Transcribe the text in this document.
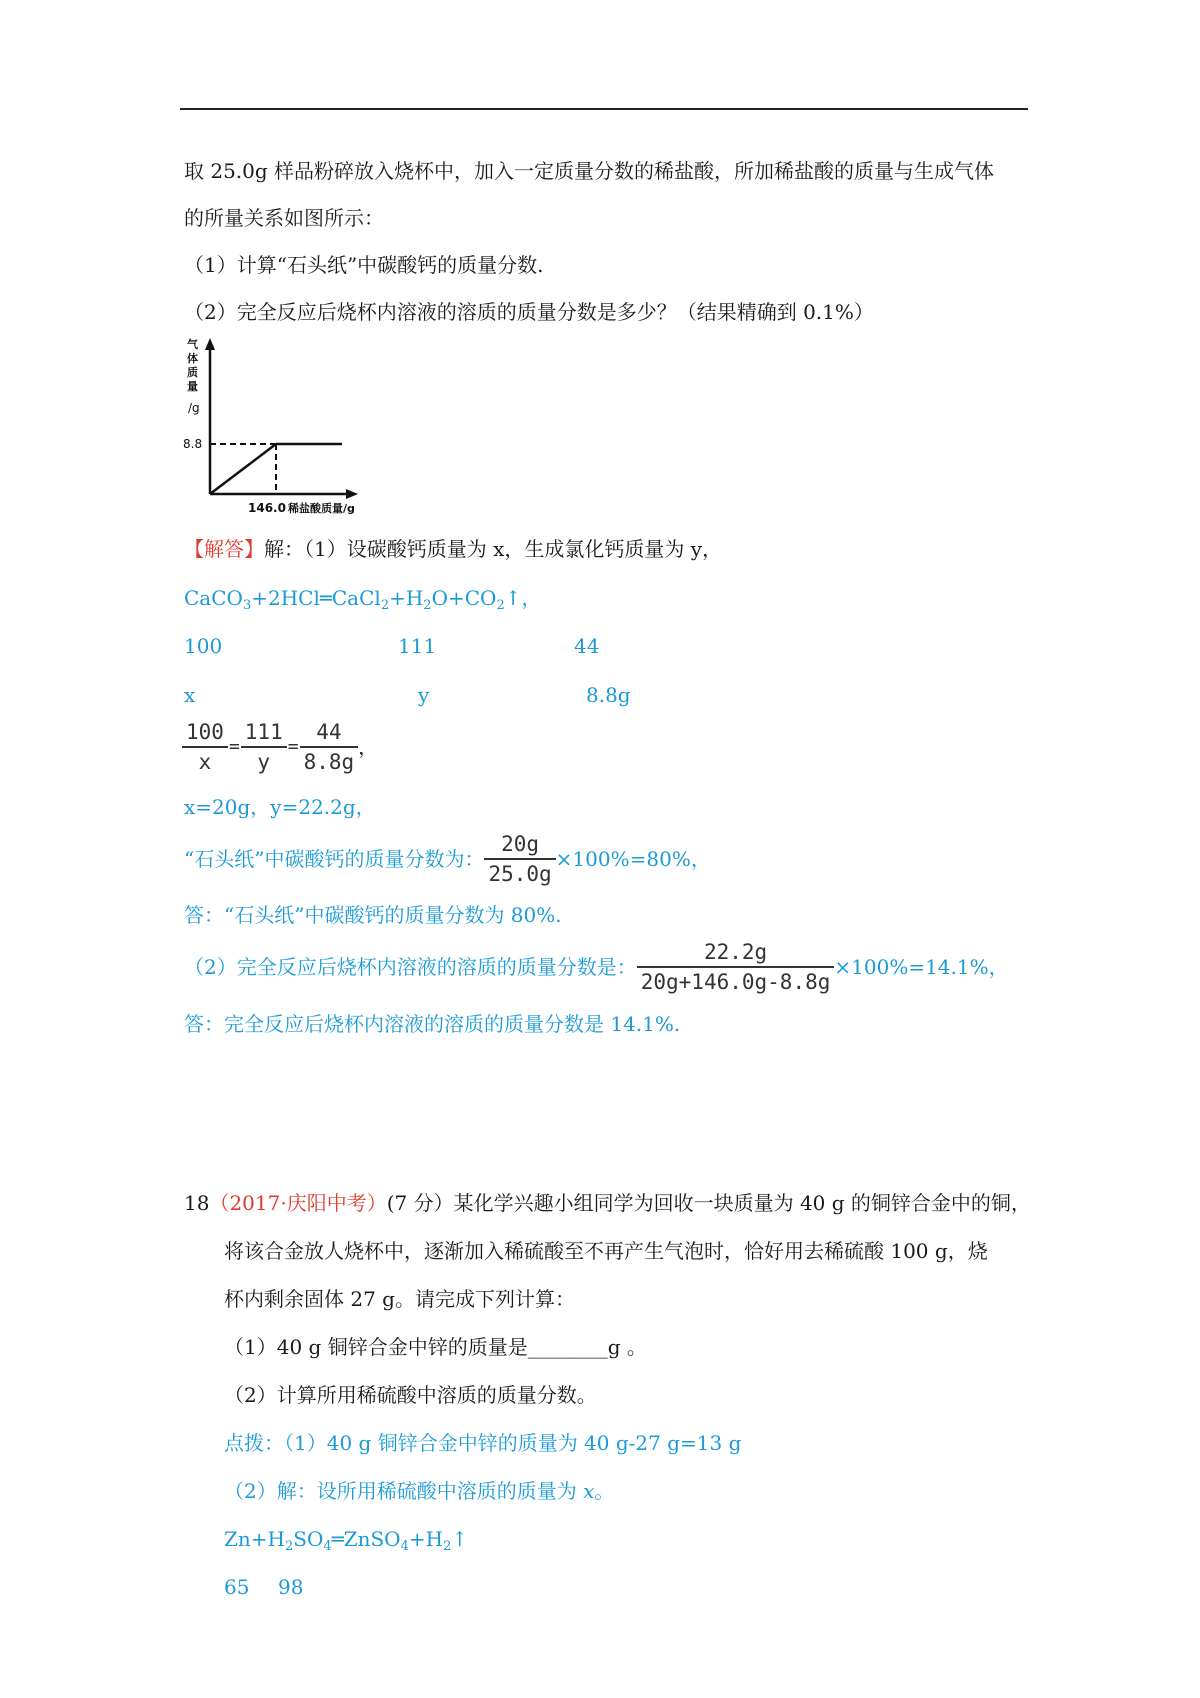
取 25.0g 样品粉碎放入烧杯中，加入一定质量分数的稀盐酸，所加稀盐酸的质量与生成气体
的所量关系如图所示：
（1）计算“石头纸”中碳酸钙的质量分数.
（2）完全反应后烧杯内溶液的溶质的质量分数是多少？（结果精确到 0.1%）
气
体
质
量
/g
8.8
146.0 稀盐酸质量/g
【解答】解：（1）设碳酸钙质量为 x，生成氯化钙质量为 y，
$CaCO_3+2HCl═CaCl_2+H_2O+CO_2↑$，
100	111	44
x	y	8.8g
$\frac{100}{x} = \frac{111}{y} = \frac{44}{8.8g}$ ，
x=20g，y=22.2g，
“石头纸”中碳酸钙的质量分数为： $\frac{20g}{25.0g} \times 100\%=80\%$，
答：“石头纸”中碳酸钙的质量分数为 80%.
（2）完全反应后烧杯内溶液的溶质的质量分数是： $\frac{22.2g}{20g+146.0g-8.8g} \times 100\%=14.1\%$，
答：完全反应后烧杯内溶液的溶质的质量分数是 14.1%.
18（2017·庆阳中考）(7 分）某化学兴趣小组同学为回收一块质量为 40 g 的铜锌合金中的铜，
将该合金放人烧杯中，逐渐加入稀硫酸至不再产生气泡时，恰好用去稀硫酸 100 g，烧
杯内剩余固体 27 g。请完成下列计算：
（1）40 g 铜锌合金中锌的质量是________g 。
（2）计算所用稀硫酸中溶质的质量分数。
点拨：（1）40 g 铜锌合金中锌的质量为 40 g-27 g=13 g
（2）解：设所用稀硫酸中溶质的质量为 x。
$Zn+H_2SO_4═ZnSO_4+H_2↑$
65 98
